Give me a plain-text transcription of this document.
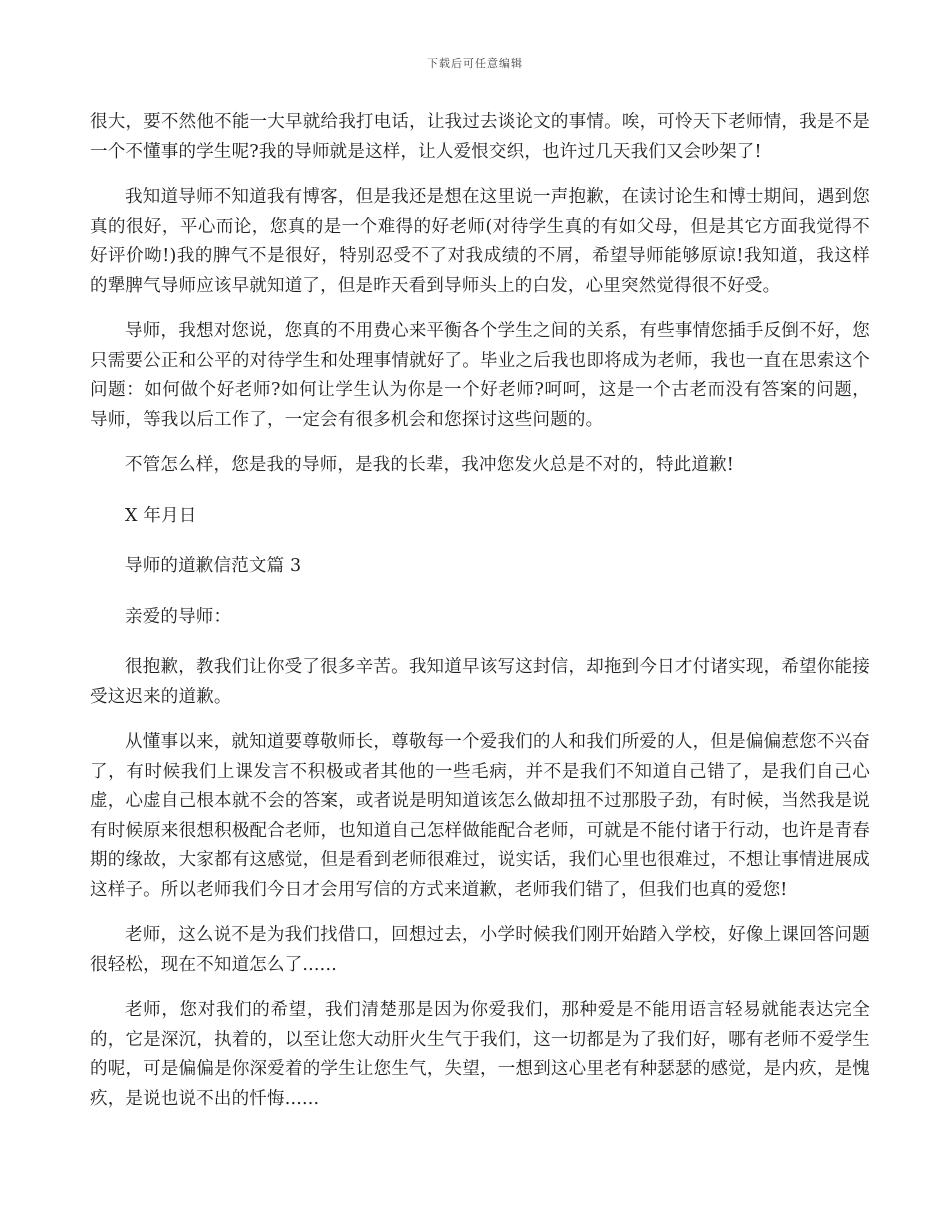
下载后可任意编辑

很大，要不然他不能一大早就给我打电话，让我过去谈论文的事情。唉，可怜天下老师情，我是不是一个不懂事的学生呢?我的导师就是这样，让人爱恨交织，也许过几天我们又会吵架了!

我知道导师不知道我有博客，但是我还是想在这里说一声抱歉，在读讨论生和博士期间，遇到您真的很好，平心而论，您真的是一个难得的好老师(对待学生真的有如父母，但是其它方面我觉得不好评价呦!)我的脾气不是很好，特别忍受不了对我成绩的不屑，希望导师能够原谅!我知道，我这样的犟脾气导师应该早就知道了，但是昨天看到导师头上的白发，心里突然觉得很不好受。

导师，我想对您说，您真的不用费心来平衡各个学生之间的关系，有些事情您插手反倒不好，您只需要公正和公平的对待学生和处理事情就好了。毕业之后我也即将成为老师，我也一直在思索这个问题：如何做个好老师?如何让学生认为你是一个好老师?呵呵，这是一个古老而没有答案的问题，导师，等我以后工作了，一定会有很多机会和您探讨这些问题的。

不管怎么样，您是我的导师，是我的长辈，我冲您发火总是不对的，特此道歉!

X 年月日

导师的道歉信范文篇 3

亲爱的导师：

很抱歉，教我们让你受了很多辛苦。我知道早该写这封信，却拖到今日才付诸实现，希望你能接受这迟来的道歉。

从懂事以来，就知道要尊敬师长，尊敬每一个爱我们的人和我们所爱的人，但是偏偏惹您不兴奋了，有时候我们上课发言不积极或者其他的一些毛病，并不是我们不知道自己错了，是我们自己心虚，心虚自己根本就不会的答案，或者说是明知道该怎么做却扭不过那股子劲，有时候，当然我是说有时候原来很想积极配合老师，也知道自己怎样做能配合老师，可就是不能付诸于行动，也许是青春期的缘故，大家都有这感觉，但是看到老师很难过，说实话，我们心里也很难过，不想让事情进展成这样子。所以老师我们今日才会用写信的方式来道歉，老师我们错了，但我们也真的爱您!

老师，这么说不是为我们找借口，回想过去，小学时候我们刚开始踏入学校，好像上课回答问题很轻松，现在不知道怎么了......

老师，您对我们的希望，我们清楚那是因为你爱我们，那种爱是不能用语言轻易就能表达完全的，它是深沉，执着的，以至让您大动肝火生气于我们，这一切都是为了我们好，哪有老师不爱学生的呢，可是偏偏是你深爱着的学生让您生气，失望，一想到这心里老有种瑟瑟的感觉，是内疚，是愧疚，是说也说不出的忏悔......
